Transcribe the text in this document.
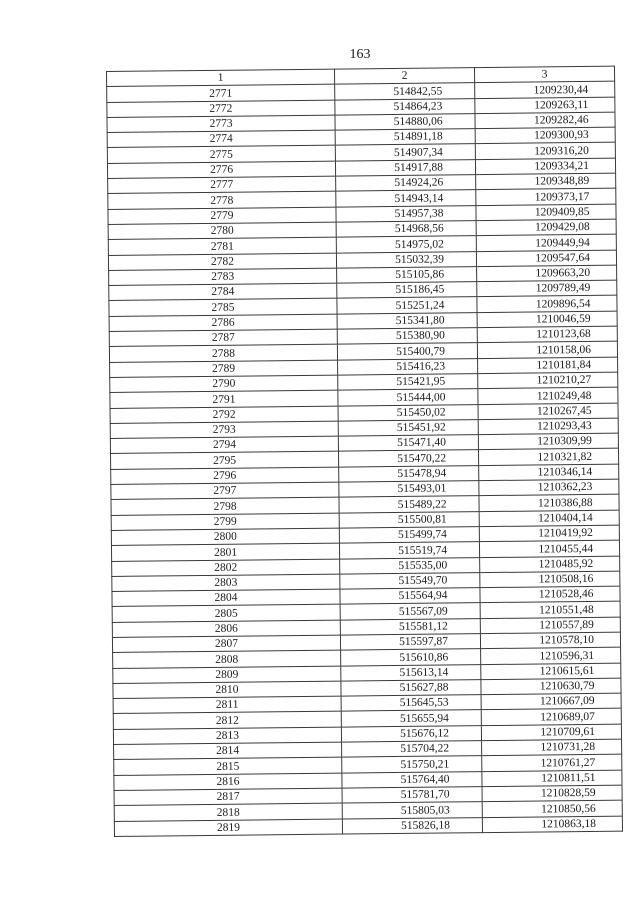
163
1	2	3
2771	514842,55	1209230,44
2772	514864,23	1209263,11
2773	514880,06	1209282,46
2774	514891,18	1209300,93
2775	514907,34	1209316,20
2776	514917,88	1209334,21
2777	514924,26	1209348,89
2778	514943,14	1209373,17
2779	514957,38	1209409,85
2780	514968,56	1209429,08
2781	514975,02	1209449,94
2782	515032,39	1209547,64
2783	515105,86	1209663,20
2784	515186,45	1209789,49
2785	515251,24	1209896,54
2786	515341,80	1210046,59
2787	515380,90	1210123,68
2788	515400,79	1210158,06
2789	515416,23	1210181,84
2790	515421,95	1210210,27
2791	515444,00	1210249,48
2792	515450,02	1210267,45
2793	515451,92	1210293,43
2794	515471,40	1210309,99
2795	515470,22	1210321,82
2796	515478,94	1210346,14
2797	515493,01	1210362,23
2798	515489,22	1210386,88
2799	515500,81	1210404,14
2800	515499,74	1210419,92
2801	515519,74	1210455,44
2802	515535,00	1210485,92
2803	515549,70	1210508,16
2804	515564,94	1210528,46
2805	515567,09	1210551,48
2806	515581,12	1210557,89
2807	515597,87	1210578,10
2808	515610,86	1210596,31
2809	515613,14	1210615,61
2810	515627,88	1210630,79
2811	515645,53	1210667,09
2812	515655,94	1210689,07
2813	515676,12	1210709,61
2814	515704,22	1210731,28
2815	515750,21	1210761,27
2816	515764,40	1210811,51
2817	515781,70	1210828,59
2818	515805,03	1210850,56
2819	515826,18	1210863,18
